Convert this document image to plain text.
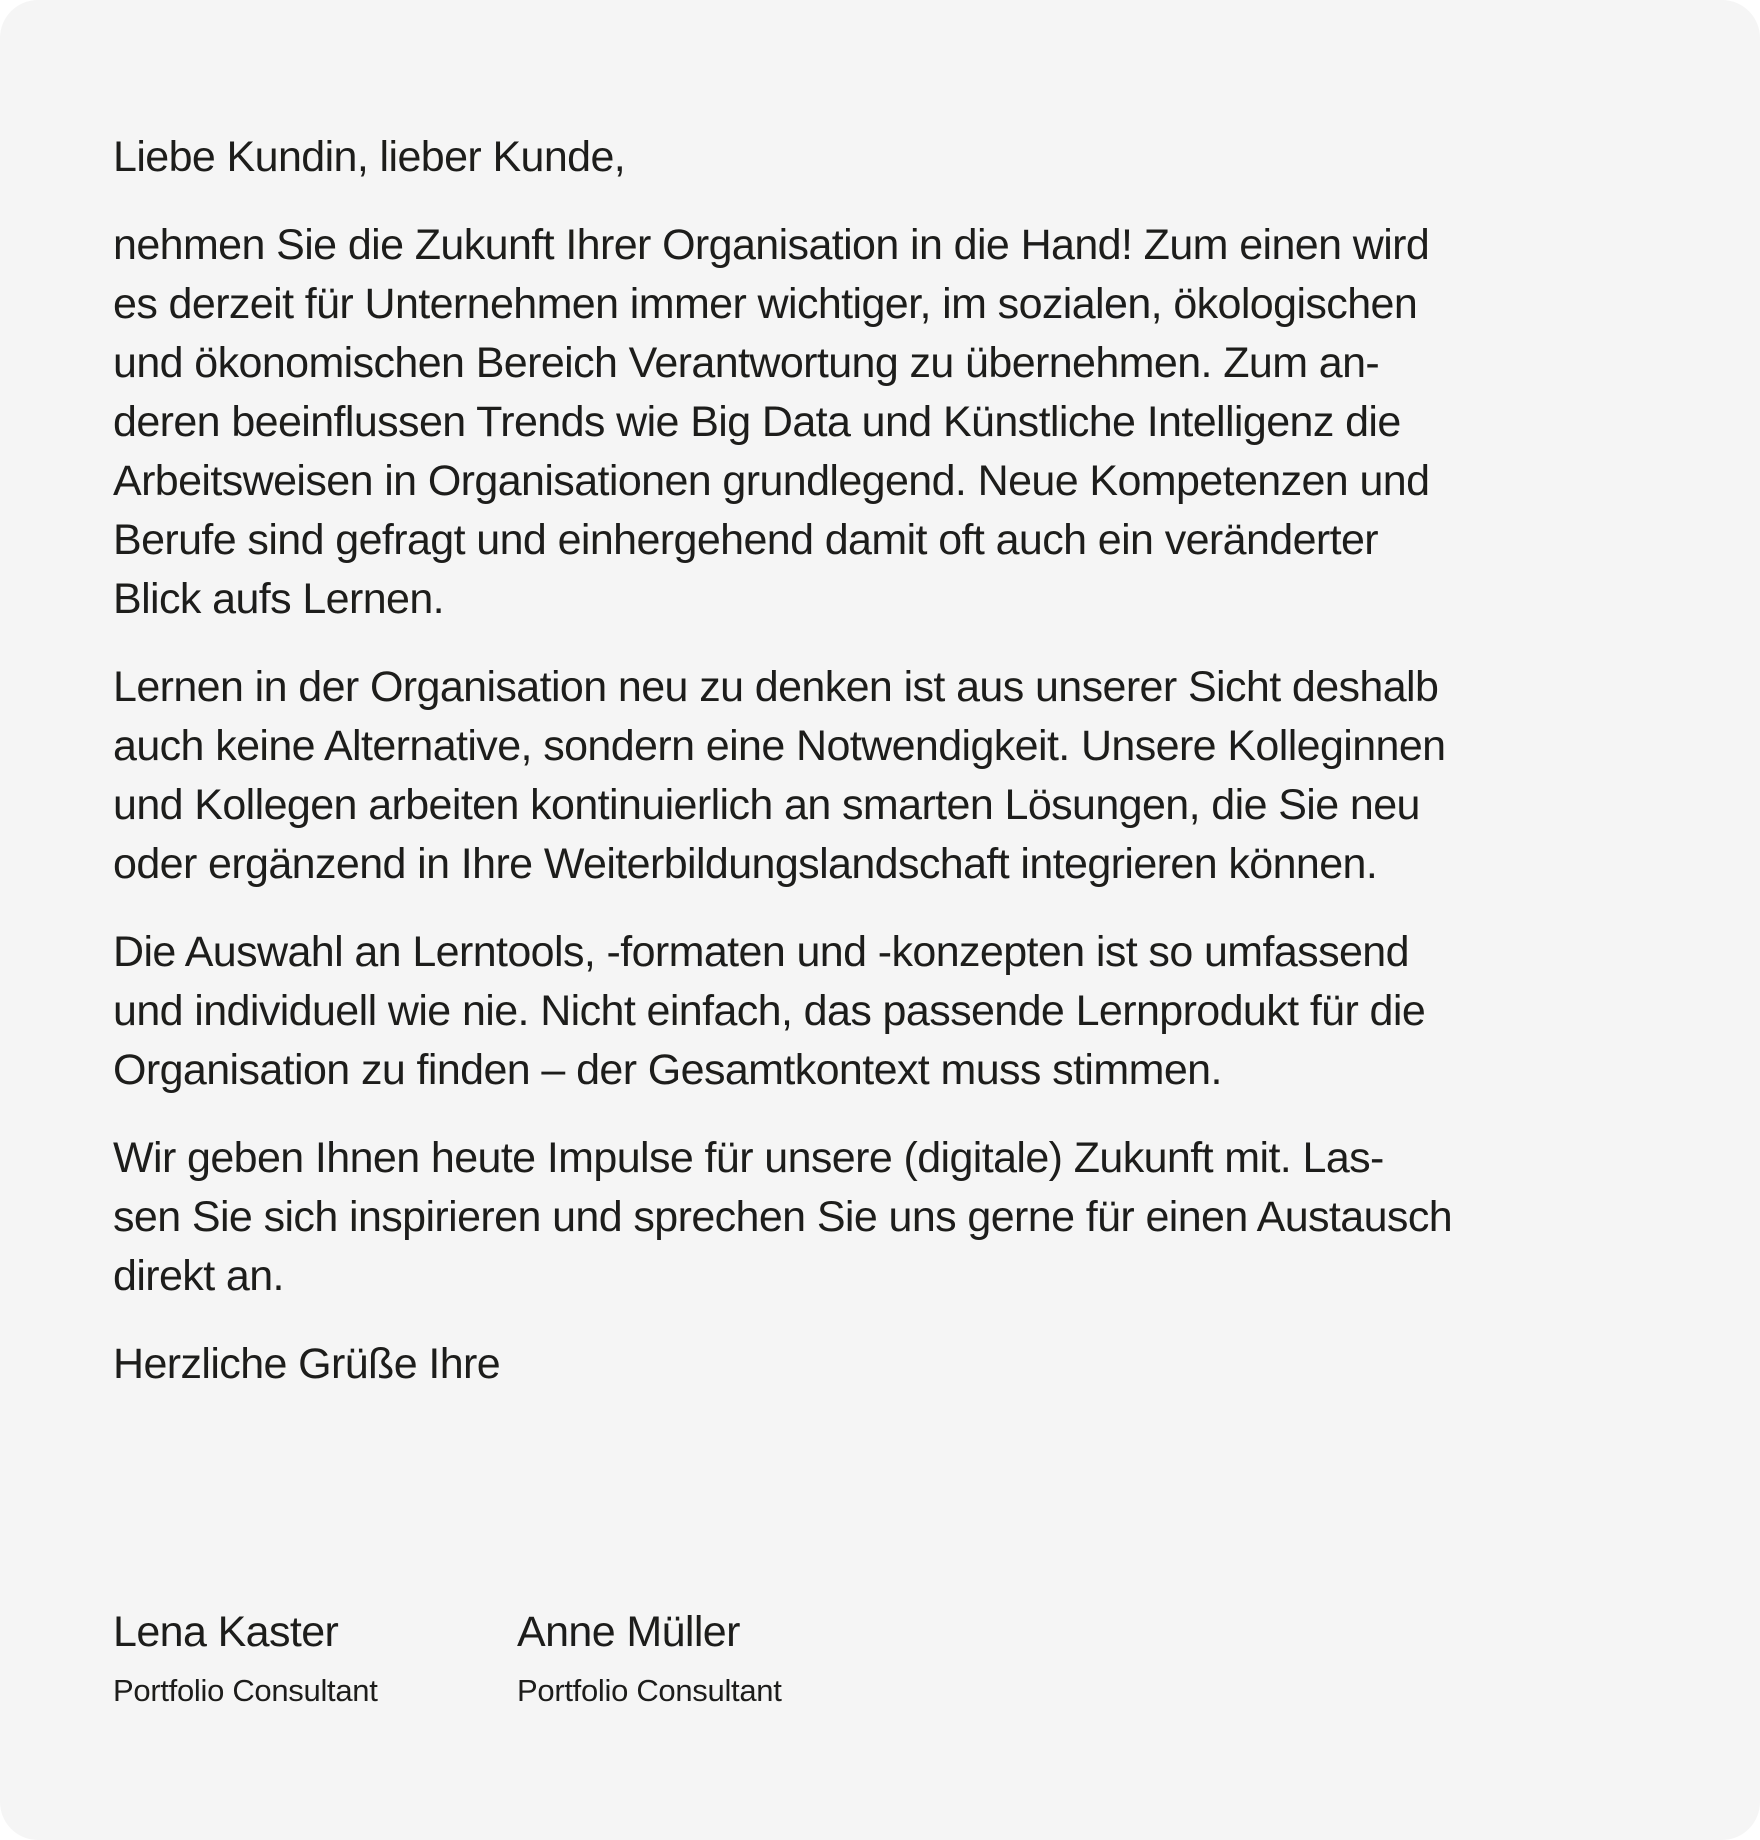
Liebe Kundin, lieber Kunde,

nehmen Sie die Zukunft Ihrer Organisation in die Hand! Zum einen wird
es derzeit für Unternehmen immer wichtiger, im sozialen, ökologischen
und ökonomischen Bereich Verantwortung zu übernehmen. Zum an-
deren beeinflussen Trends wie Big Data und Künstliche Intelligenz die
Arbeitsweisen in Organisationen grundlegend. Neue Kompetenzen und
Berufe sind gefragt und einhergehend damit oft auch ein veränderter
Blick aufs Lernen.

Lernen in der Organisation neu zu denken ist aus unserer Sicht deshalb
auch keine Alternative, sondern eine Notwendigkeit. Unsere Kolleginnen
und Kollegen arbeiten kontinuierlich an smarten Lösungen, die Sie neu
oder ergänzend in Ihre Weiterbildungslandschaft integrieren können.

Die Auswahl an Lerntools, -formaten und -konzepten ist so umfassend
und individuell wie nie. Nicht einfach, das passende Lernprodukt für die
Organisation zu finden – der Gesamtkontext muss stimmen.

Wir geben Ihnen heute Impulse für unsere (digitale) Zukunft mit. Las-
sen Sie sich inspirieren und sprechen Sie uns gerne für einen Austausch
direkt an.

Herzliche Grüße Ihre

Lena Kaster
Portfolio Consultant
Anne Müller
Portfolio Consultant
